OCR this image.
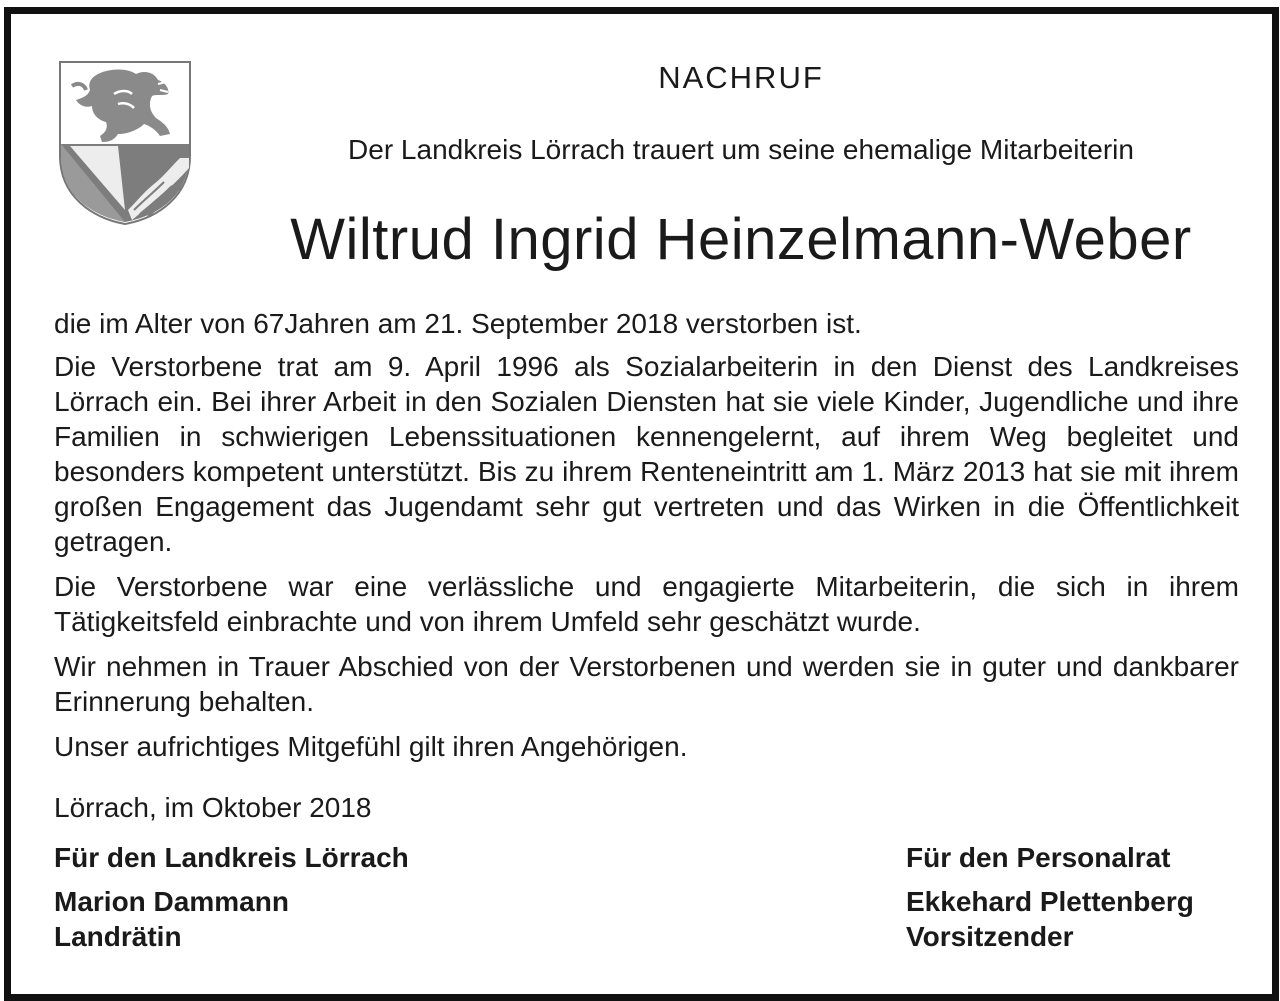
NACHRUF

Der Landkreis Lörrach trauert um seine ehemalige Mitarbeiterin

Wiltrud Ingrid Heinzelmann-Weber

die im Alter von 67Jahren am 21. September 2018 verstorben ist.

Die Verstorbene trat am 9. April 1996 als Sozialarbeiterin in den Dienst des Landkreises Lörrach ein. Bei ihrer Arbeit in den Sozialen Diensten hat sie viele Kinder, Jugendliche und ihre Familien in schwierigen Lebenssituationen kennengelernt, auf ihrem Weg begleitet und besonders kompetent unterstützt. Bis zu ihrem Renteneintritt am 1. März 2013 hat sie mit ihrem großen Engagement das Jugendamt sehr gut vertreten und das Wirken in die Öffentlichkeit getragen.

Die Verstorbene war eine verlässliche und engagierte Mitarbeiterin, die sich in ihrem Tätigkeitsfeld einbrachte und von ihrem Umfeld sehr geschätzt wurde.

Wir nehmen in Trauer Abschied von der Verstorbenen und werden sie in guter und dankbarer Erinnerung behalten.

Unser aufrichtiges Mitgefühl gilt ihren Angehörigen.

Lörrach, im Oktober 2018

Für den Landkreis Lörrach

Marion Dammann

Landrätin

Für den Personalrat

Ekkehard Plettenberg

Vorsitzender
